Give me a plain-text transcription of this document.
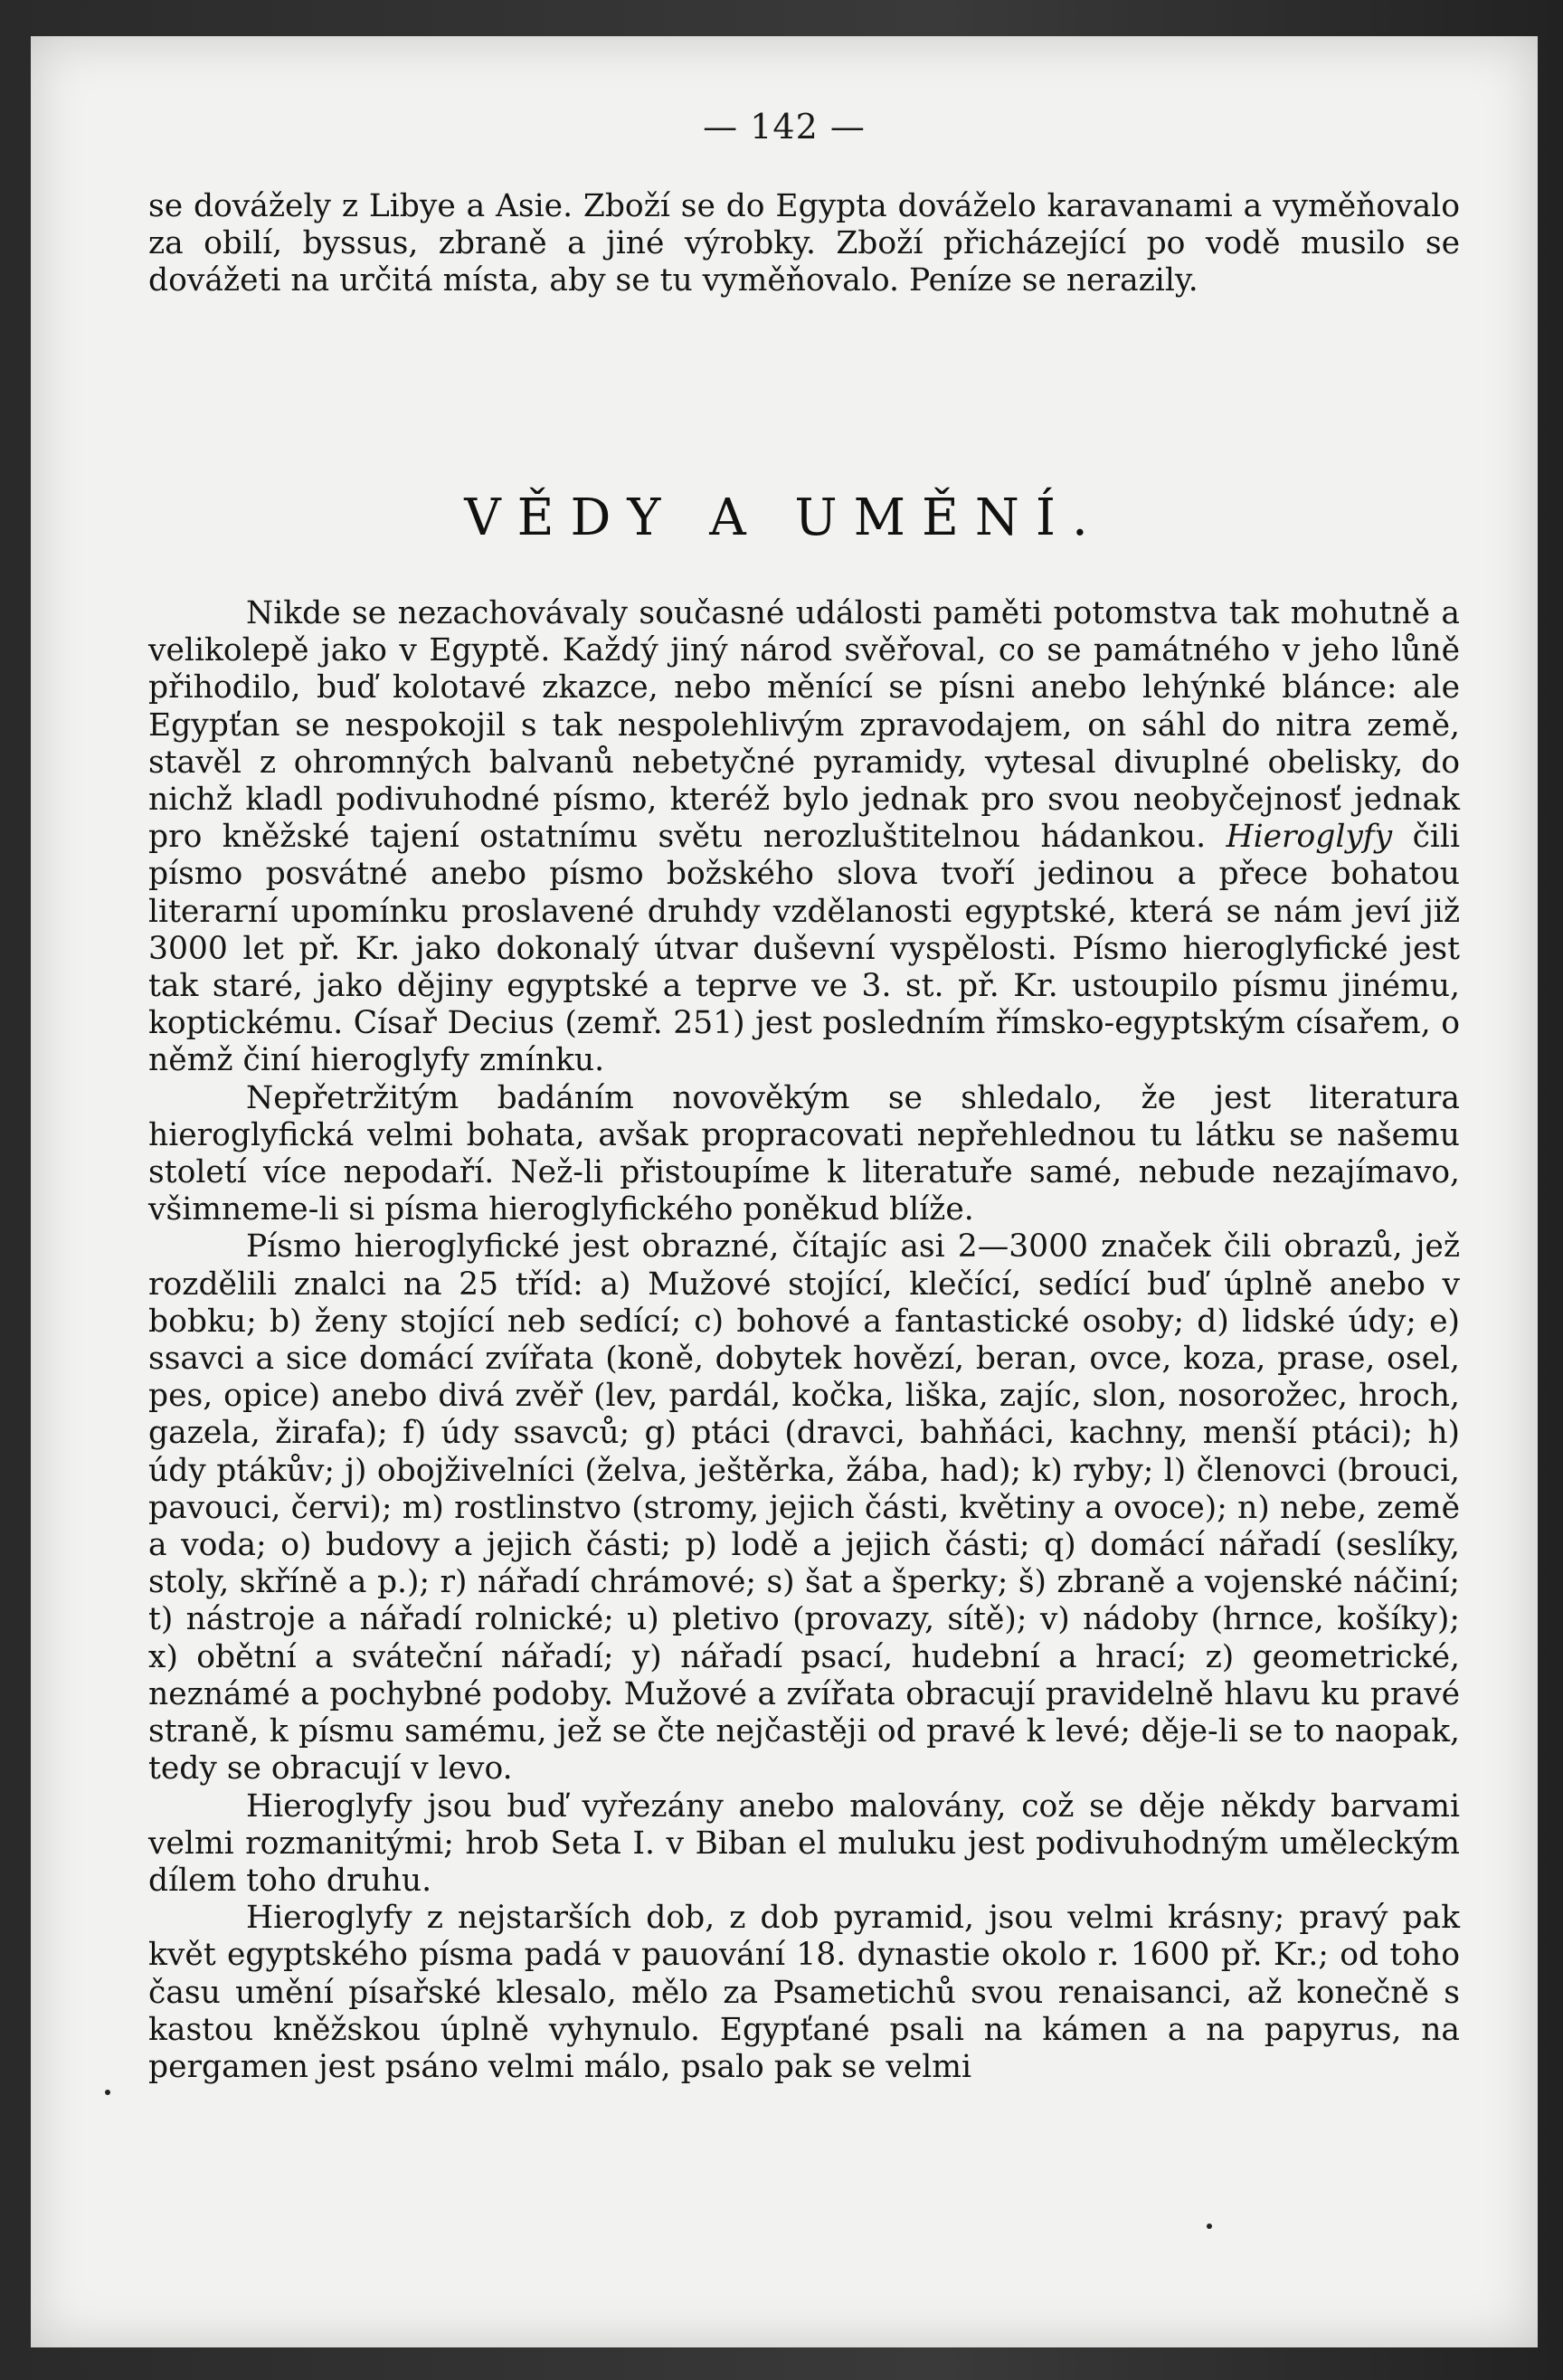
— 142 —

se dovážely z Libye a Asie. Zboží se do Egypta dováželo karavanami a vyměňovalo za obilí, byssus, zbraně a jiné výrobky. Zboží přicházející po vodě musilo se dovážeti na určitá místa, aby se tu vyměňovalo. Peníze se nerazily.

VĚDY A UMĚNÍ.

Nikde se nezachovávaly současné události paměti potomstva tak mohutně a velikolepě jako v Egyptě. Každý jiný národ svěřoval, co se památného v jeho lůně přihodilo, buď kolotavé zkazce, nebo měnící se písni anebo lehýnké blánce: ale Egypťan se nespokojil s tak nespolehlivým zpravodajem, on sáhl do nitra země, stavěl z ohromných balvanů nebetyčné pyramidy, vytesal divuplné obelisky, do nichž kladl podivuhodné písmo, kteréž bylo jednak pro svou neobyčejnosť jednak pro kněžské tajení ostatnímu světu nerozluštitelnou hádankou. Hieroglyfy čili písmo posvátné anebo písmo božského slova tvoří jedinou a přece bohatou literarní upomínku proslavené druhdy vzdělanosti egyptské, která se nám jeví již 3000 let př. Kr. jako dokonalý útvar duševní vyspělosti. Písmo hieroglyfické jest tak staré, jako dějiny egyptské a teprve ve 3. st. př. Kr. ustoupilo písmu jinému, koptickému. Císař Decius (zemř. 251) jest posledním římsko-egyptským císařem, o němž činí hieroglyfy zmínku.

Nepřetržitým badáním novověkým se shledalo, že jest literatura hieroglyfická velmi bohata, avšak propracovati nepřehlednou tu látku se našemu století více nepodaří. Než-li přistoupíme k literatuře samé, nebude nezajímavo, všimneme-li si písma hieroglyfického poněkud blíže.

Písmo hieroglyfické jest obrazné, čítajíc asi 2—3000 značek čili obrazů, jež rozdělili znalci na 25 tříd: a) Mužové stojící, klečící, sedící buď úplně anebo v bobku; b) ženy stojící neb sedící; c) bohové a fantastické osoby; d) lidské údy; e) ssavci a sice domácí zvířata (koně, dobytek hovězí, beran, ovce, koza, prase, osel, pes, opice) anebo divá zvěř (lev, pardál, kočka, liška, zajíc, slon, nosorožec, hroch, gazela, žirafa); f) údy ssavců; g) ptáci (dravci, bahňáci, kachny, menší ptáci); h) údy ptákův; j) obojživelníci (želva, ještěrka, žába, had); k) ryby; l) členovci (brouci, pavouci, červi); m) rostlinstvo (stromy, jejich části, květiny a ovoce); n) nebe, země a voda; o) budovy a jejich části; p) lodě a jejich části; q) domácí nářadí (seslíky, stoly, skříně a p.); r) nářadí chrámové; s) šat a šperky; š) zbraně a vojenské náčiní; t) nástroje a nářadí rolnické; u) pletivo (provazy, sítě); v) nádoby (hrnce, košíky); x) obětní a sváteční nářadí; y) nářadí psací, hudební a hrací; z) geometrické, neznámé a pochybné podoby. Mužové a zvířata obracují pravidelně hlavu ku pravé straně, k písmu samému, jež se čte nejčastěji od pravé k levé; děje-li se to naopak, tedy se obracují v levo.

Hieroglyfy jsou buď vyřezány anebo malovány, což se děje někdy barvami velmi rozmanitými; hrob Seta I. v Biban el muluku jest podivuhodným uměleckým dílem toho druhu.

Hieroglyfy z nejstarších dob, z dob pyramid, jsou velmi krásny; pravý pak květ egyptského písma padá v pauování 18. dynastie okolo r. 1600 př. Kr.; od toho času umění písařské klesalo, mělo za Psametichů svou renaisanci, až konečně s kastou kněžskou úplně vyhynulo. Egypťané psali na kámen a na papyrus, na pergamen jest psáno velmi málo, psalo pak se velmi
